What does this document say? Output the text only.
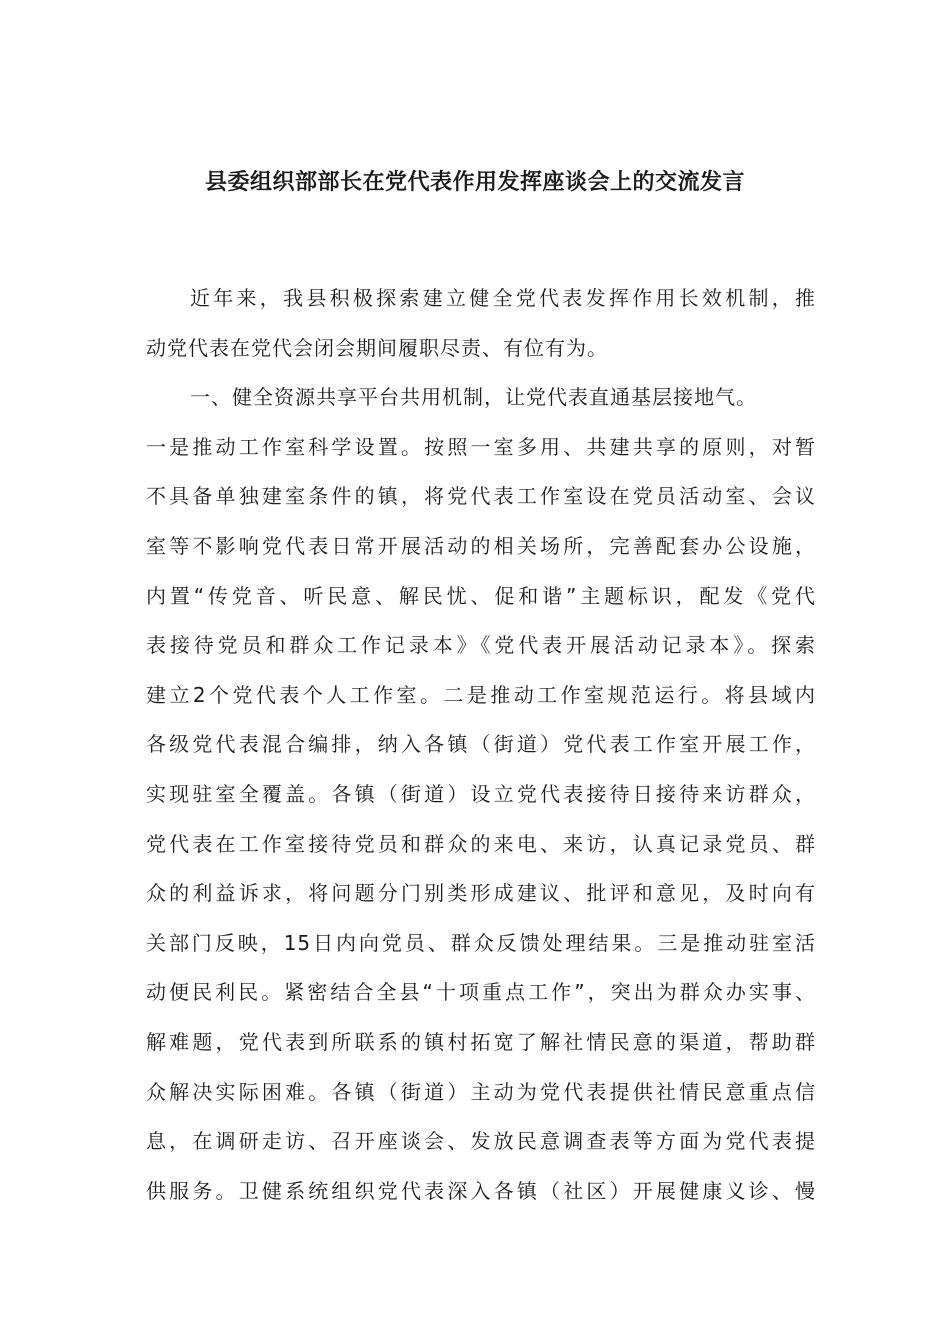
县委组织部部长在党代表作用发挥座谈会上的交流发言
近年来，我县积极探索建立健全党代表发挥作用长效机制，推
动党代表在党代会闭会期间履职尽责、有位有为。
一、健全资源共享平台共用机制，让党代表直通基层接地气。
一是推动工作室科学设置。按照一室多用、共建共享的原则，对暂
不具备单独建室条件的镇，将党代表工作室设在党员活动室、会议
室等不影响党代表日常开展活动的相关场所，完善配套办公设施，
内置“传党音、听民意、解民忧、促和谐”主题标识，配发《党代
表接待党员和群众工作记录本》《党代表开展活动记录本》。探索
建立2个党代表个人工作室。二是推动工作室规范运行。将县域内
各级党代表混合编排，纳入各镇（街道）党代表工作室开展工作，
实现驻室全覆盖。各镇（街道）设立党代表接待日接待来访群众，
党代表在工作室接待党员和群众的来电、来访，认真记录党员、群
众的利益诉求，将问题分门别类形成建议、批评和意见，及时向有
关部门反映，15日内向党员、群众反馈处理结果。三是推动驻室活
动便民利民。紧密结合全县“十项重点工作”，突出为群众办实事、
解难题，党代表到所联系的镇村拓宽了解社情民意的渠道，帮助群
众解决实际困难。各镇（街道）主动为党代表提供社情民意重点信
息，在调研走访、召开座谈会、发放民意调查表等方面为党代表提
供服务。卫健系统组织党代表深入各镇（社区）开展健康义诊、慢
